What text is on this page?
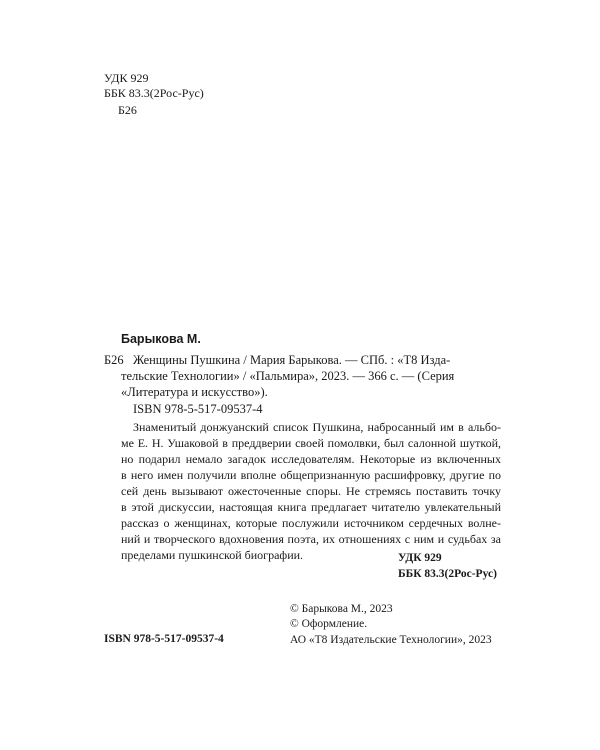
УДК 929
ББК 83.3(2Рос-Рус)
Б26
Барыкова М.
Б26 Женщины Пушкина / Мария Барыкова. — СПб. : «Т8 Изда-
тельские Технологии» / «Пальмира», 2023. — 366 с. — (Серия
«Литература и искусство»).
ISBN 978-5-517-09537-4
Знаменитый донжуанский список Пушкина, набросанный им в альбо-
ме Е. Н. Ушаковой в преддверии своей помолвки, был салонной шуткой,
но подарил немало загадок исследователям. Некоторые из включенных
в него имен получили вполне общепризнанную расшифровку, другие по
сей день вызывают ожесточенные споры. Не стремясь поставить точку
в этой дискуссии, настоящая книга предлагает читателю увлекательный
рассказ о женщинах, которые послужили источником сердечных волне-
ний и творческого вдохновения поэта, их отношениях с ним и судьбах за
пределами пушкинской биографии.	УДК 929
ББК 83.3(2Рос-Рус)
© Барыкова М., 2023
© Оформление.
АО «Т8 Издательские Технологии», 2023
ISBN 978-5-517-09537-4
